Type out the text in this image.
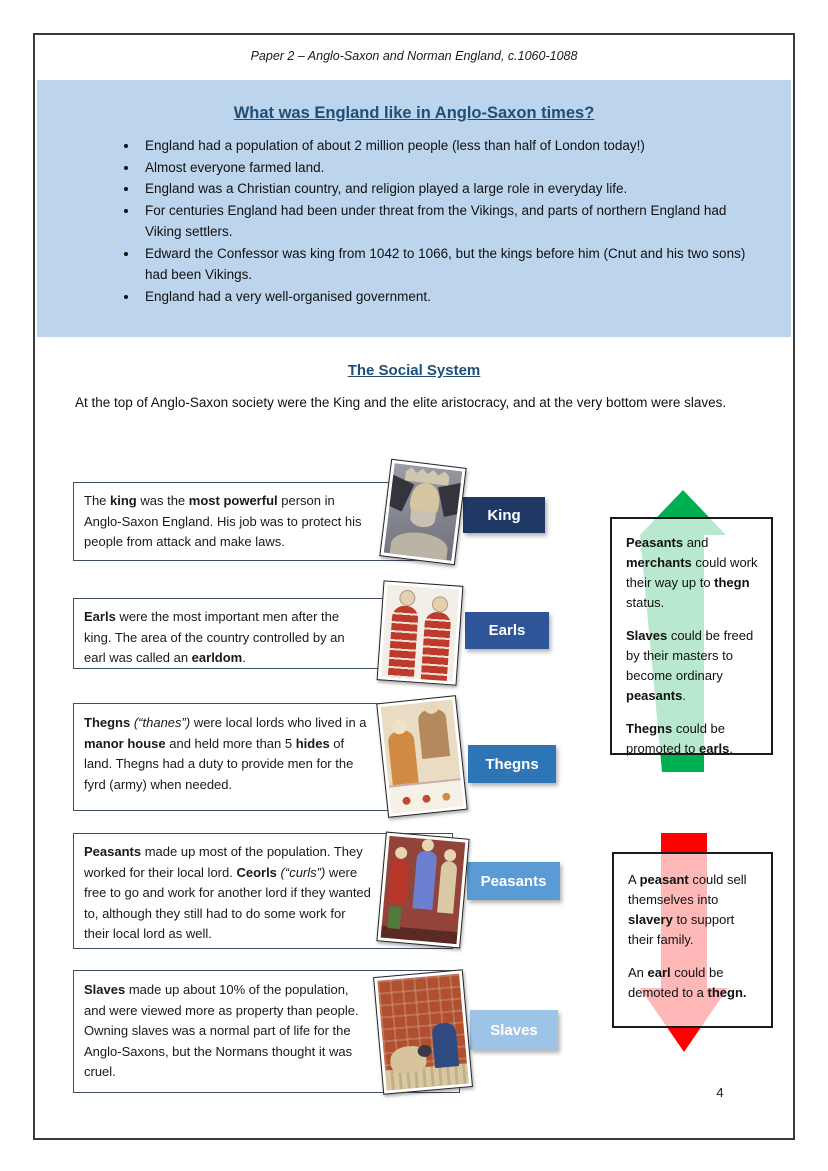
Paper 2 – Anglo-Saxon and Norman England, c.1060-1088
What was England like in Anglo-Saxon times?
• England had a population of about 2 million people (less than half of London today!)
• Almost everyone farmed land.
• England was a Christian country, and religion played a large role in everyday life.
• For centuries England had been under threat from the Vikings, and parts of northern England had Viking settlers.
• Edward the Confessor was king from 1042 to 1066, but the kings before him (Cnut and his two sons) had been Vikings.
• England had a very well-organised government.
The Social System
At the top of Anglo-Saxon society were the King and the elite aristocracy, and at the very bottom were slaves.

The king was the most powerful person in Anglo-Saxon England. His job was to protect his people from attack and make laws.

King

Earls were the most important men after the king. The area of the country controlled by an earl was called an earldom.

Earls

Thegns (“thanes”) were local lords who lived in a manor house and held more than 5 hides of land. Thegns had a duty to provide men for the fyrd (army) when needed.

Thegns

Peasants made up most of the population. They worked for their local lord. Ceorls (“curls”) were free to go and work for another lord if they wanted to, although they still had to do some work for their local lord as well.

Peasants

Slaves made up about 10% of the population, and were viewed more as property than people. Owning slaves was a normal part of life for the Anglo-Saxons, but the Normans thought it was cruel.

Slaves

Peasants and merchants could work their way up to thegn status.

Slaves could be freed by their masters to become ordinary peasants.

Thegns could be promoted to earls.

A peasant could sell themselves into slavery to support their family.

An earl could be demoted to a thegn.

4
